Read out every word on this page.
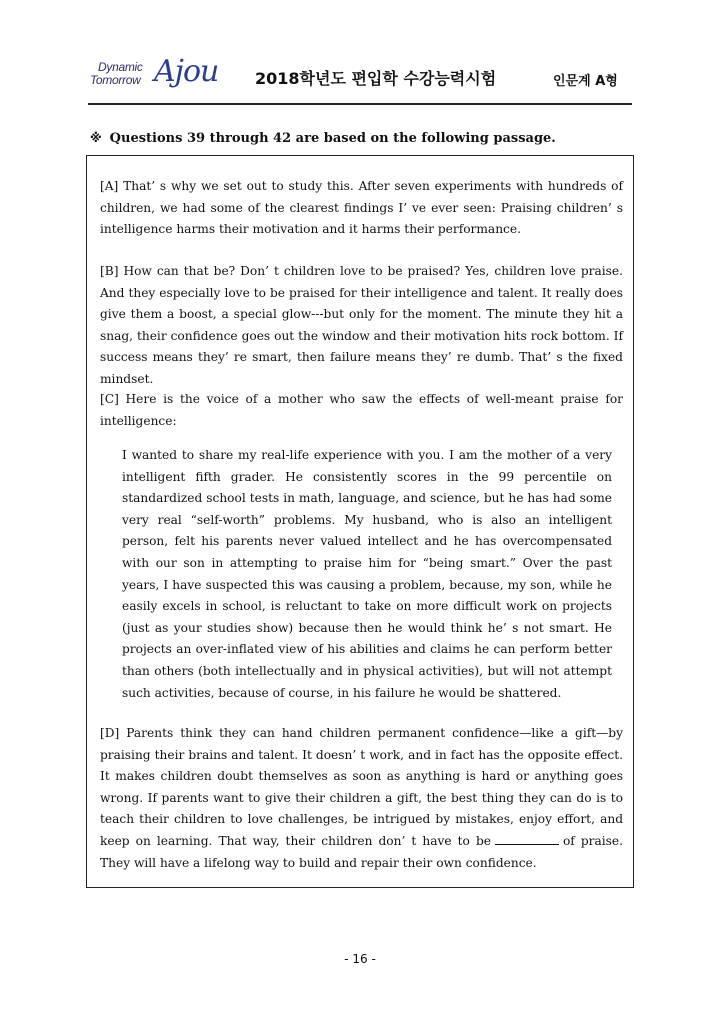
Dynamic
Tomorrow Ajou 2018학년도 편입학 수강능력시험	인문계 A형
※ Questions 39 through 42 are based on the following passage.

[A] That’ s why we set out to study this. After seven experiments with hundreds of children, we had some of the clearest findings I’ ve ever seen: Praising children’ s intelligence harms their motivation and it harms their performance.

[B] How can that be? Don’ t children love to be praised? Yes, children love praise. And they especially love to be praised for their intelligence and talent. It really does give them a boost, a special glow---but only for the moment. The minute they hit a snag, their confidence goes out the window and their motivation hits rock bottom. If success means they’ re smart, then failure means they’ re dumb. That’ s the fixed mindset.

[C] Here is the voice of a mother who saw the effects of well-meant praise for intelligence:

I wanted to share my real-life experience with you. I am the mother of a very intelligent fifth grader. He consistently scores in the 99 percentile on standardized school tests in math, language, and science, but he has had some very real “self-worth” problems. My husband, who is also an intelligent person, felt his parents never valued intellect and he has overcompensated with our son in attempting to praise him for “being smart.” Over the past years, I have suspected this was causing a problem, because, my son, while he easily excels in school, is reluctant to take on more difficult work on projects (just as your studies show) because then he would think he’ s not smart. He projects an over-inflated view of his abilities and claims he can perform better than others (both intellectually and in physical activities), but will not attempt such activities, because of course, in his failure he would be shattered.

[D] Parents think they can hand children permanent confidence—like a gift—by praising their brains and talent. It doesn’ t work, and in fact has the opposite effect. It makes children doubt themselves as soon as anything is hard or anything goes wrong. If parents want to give their children a gift, the best thing they can do is to teach their children to love challenges, be intrigued by mistakes, enjoy effort, and keep on learning. That way, their children don’ t have to be	of praise. They will have a lifelong way to build and repair their own confidence.

- 16 -
